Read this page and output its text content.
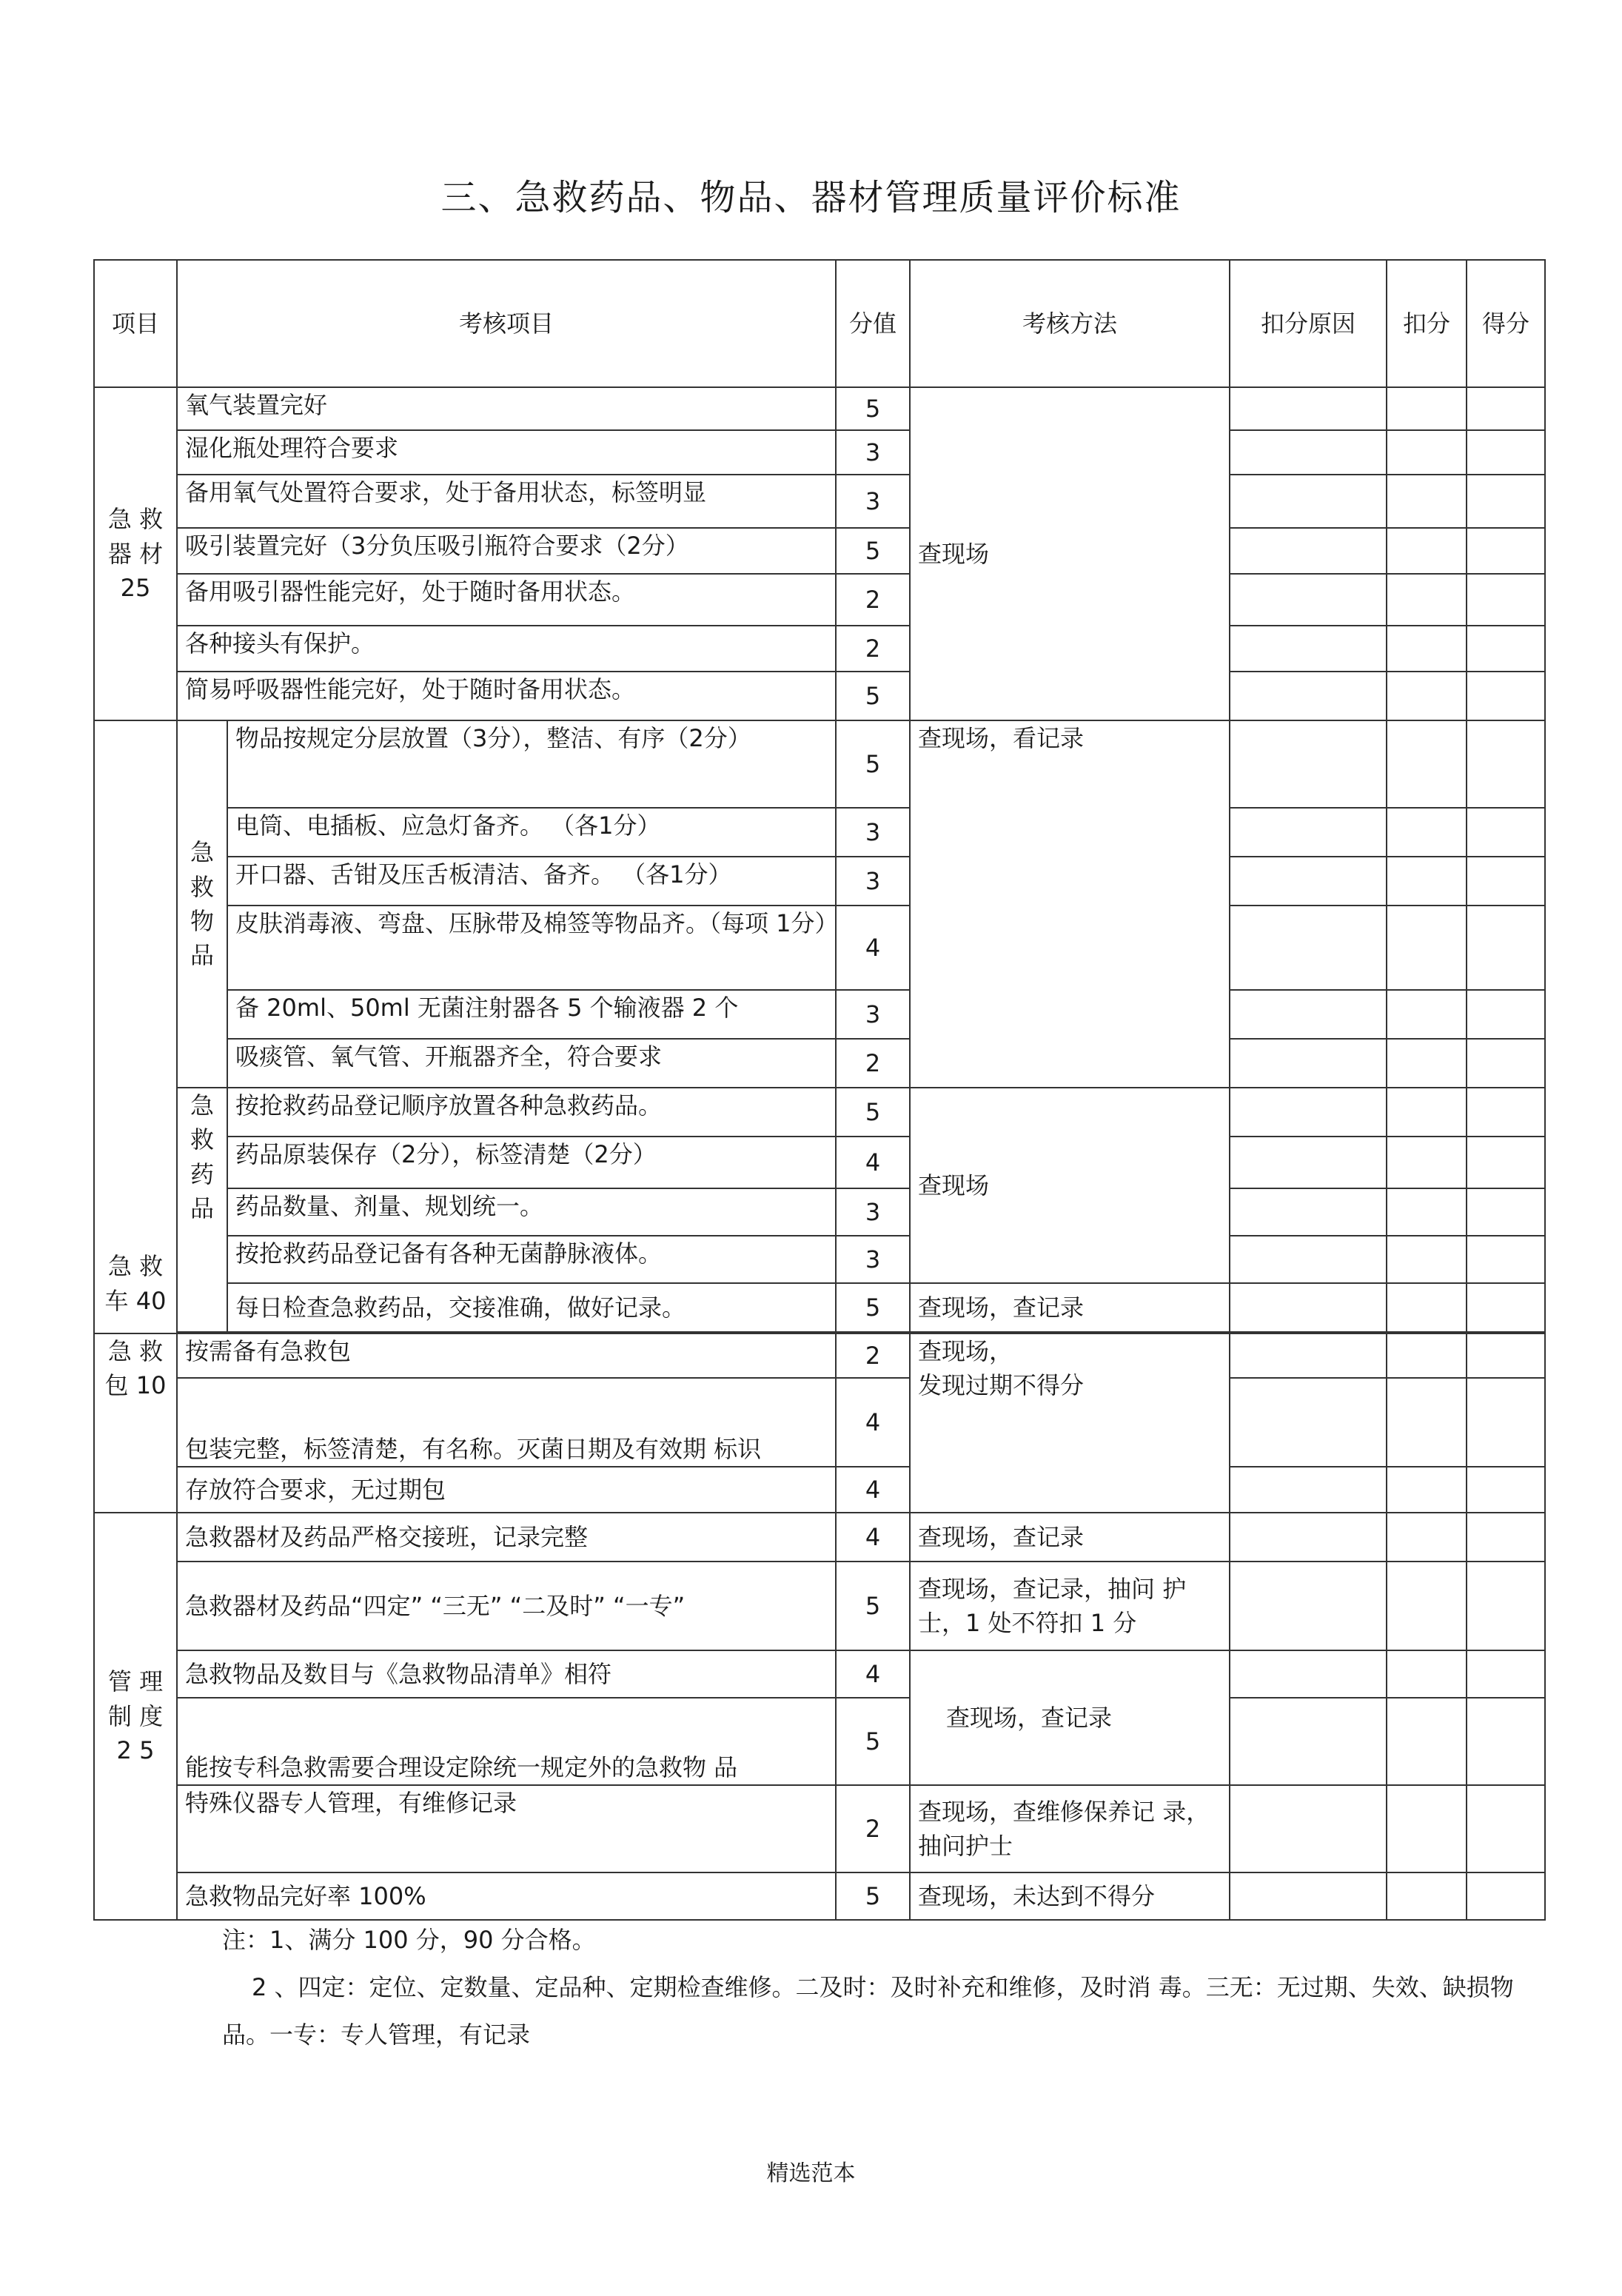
三、急救药品、物品、器材管理质量评价标准
项目	考核项目		分值	考核方法	扣分原因	扣分	得分
急 救 器 材 25	氧气装置完好		5	查现场			
	湿化瓶处理符合要求		3				
	备用氧气处置符合要求，处于备用状态，标签明显		3				
	吸引装置完好（3分负压吸引瓶符合要求（2分）		5				
	备用吸引器性能完好，处于随时备用状态。		2				
	各种接头有保护。		2				
	简易呼吸器性能完好，处于随时备用状态。		5				
急 救 车 40	急救物品	物品按规定分层放置（3分），整洁、有序（2分）	5	查现场，看记录			
		电筒、电插板、应急灯备齐。 （各1分）	3				
		开口器、舌钳及压舌板清洁、备齐。 （各1分）	3				
		皮肤消毒液、弯盘、压脉带及棉签等物品齐。（每项 1分）	4				
		备 20ml、50ml 无菌注射器各 5 个输液器 2 个	3				
		吸痰管、氧气管、开瓶器齐全，符合要求	2				
	急救药品	按抢救药品登记顺序放置各种急救药品。	5	查现场			
		药品原装保存（2分），标签清楚（2分）	4				
		药品数量、剂量、规划统一。	3				
		按抢救药品登记备有各种无菌静脉液体。	3				
		每日检查急救药品，交接准确，做好记录。	5	查现场，查记录			

急 救 包 10	按需备有急救包		2	查现场，
发现过期不得分			
	包装完整，标签清楚，有名称。灭菌日期及有效期 标识		4				
	存放符合要求，无过期包		4				
管 理 制 度 2 5	急救器材及药品严格交接班，记录完整		4	查现场，查记录			
	急救器材及药品“四定” “三无” “二及时” “一专”		5	查现场，查记录，抽问 护士，1 处不符扣 1 分			
	急救物品及数目与《急救物品清单》相符		4	查现场，查记录			
	能按专科急救需要合理设定除统一规定外的急救物 品		5				
	特殊仪器专人管理，有维修记录		2	查现场，查维修保养记 录，抽问护士			
	急救物品完好率 100%		5	查现场，未达到不得分			
注：1、满分 100 分，90 分合格。
2 、四定：定位、定数量、定品种、定期检查维修。二及时：及时补充和维修，及时消 毒。三无：无过期、失效、缺损物品。一专：专人管理，有记录
精选范本
